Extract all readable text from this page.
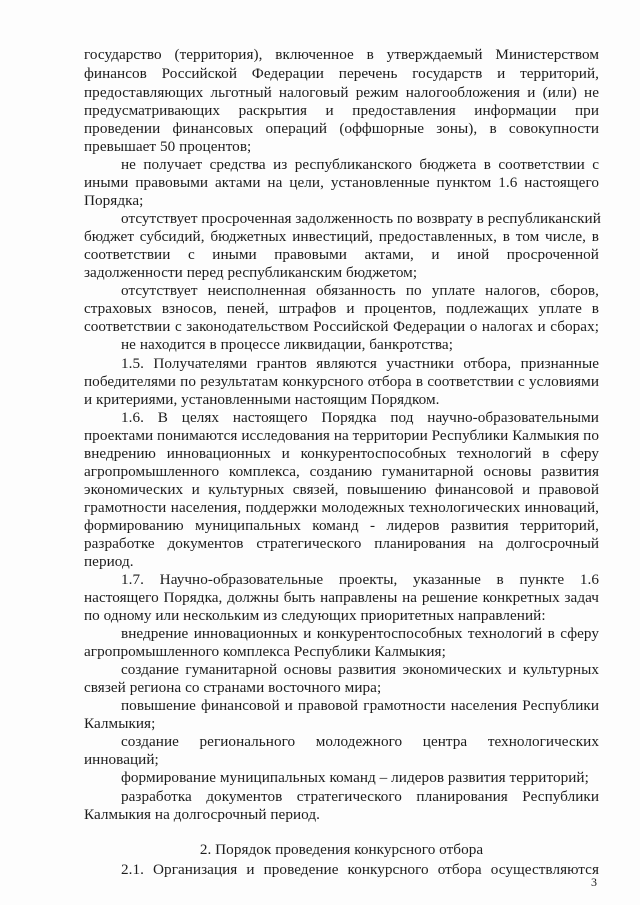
государство (территория), включенное в утверждаемый Министерством
финансов Российской Федерации перечень государств и территорий,
предоставляющих льготный налоговый режим налогообложения и (или) не
предусматривающих раскрытия и предоставления информации при
проведении финансовых операций (оффшорные зоны), в совокупности
превышает 50 процентов;
не получает средства из республиканского бюджета в соответствии с
иными правовыми актами на цели, установленные пунктом 1.6 настоящего
Порядка;
отсутствует просроченная задолженность по возврату в республиканский
бюджет субсидий, бюджетных инвестиций, предоставленных, в том числе, в
соответствии с иными правовыми актами, и иной просроченной
задолженности перед республиканским бюджетом;
отсутствует неисполненная обязанность по уплате налогов, сборов,
страховых взносов, пеней, штрафов и процентов, подлежащих уплате в
соответствии с законодательством Российской Федерации о налогах и сборах;
не находится в процессе ликвидации, банкротства;
1.5. Получателями грантов являются участники отбора, признанные
победителями по результатам конкурсного отбора в соответствии с условиями
и критериями, установленными настоящим Порядком.
1.6. В целях настоящего Порядка под научно-образовательными
проектами понимаются исследования на территории Республики Калмыкия по
внедрению инновационных и конкурентоспособных технологий в сферу
агропромышленного комплекса, созданию гуманитарной основы развития
экономических и культурных связей, повышению финансовой и правовой
грамотности населения, поддержки молодежных технологических инноваций,
формированию муниципальных команд - лидеров развития территорий,
разработке документов стратегического планирования на долгосрочный
период.
1.7. Научно-образовательные проекты, указанные в пункте 1.6
настоящего Порядка, должны быть направлены на решение конкретных задач
по одному или нескольким из следующих приоритетных направлений:
внедрение инновационных и конкурентоспособных технологий в сферу
агропромышленного комплекса Республики Калмыкия;
создание гуманитарной основы развития экономических и культурных
связей региона со странами восточного мира;
повышение финансовой и правовой грамотности населения Республики
Калмыкия;
создание регионального молодежного центра технологических
инноваций;
формирование муниципальных команд – лидеров развития территорий;
разработка документов стратегического планирования Республики
Калмыкия на долгосрочный период.
2. Порядок проведения конкурсного отбора
2.1. Организация и проведение конкурсного отбора осуществляются
3
